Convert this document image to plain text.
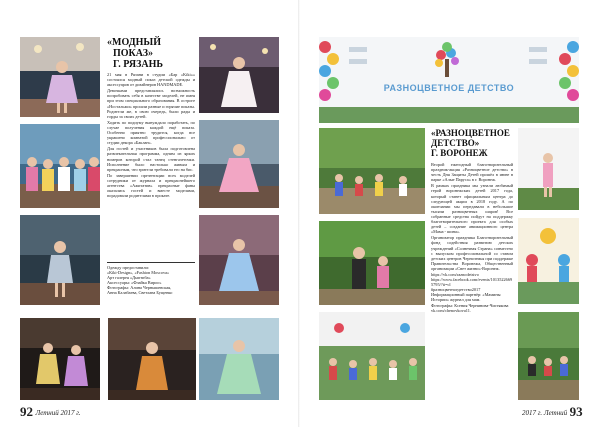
«МОДНЫЙ
ПОКАЗ»
Г. РЯЗАНЬ

21 мая в Рязани в студии «Бар «Kiki»» состоялся модный показ детской одежды и аксессуаров от дизайнеров HANDMADE.

Девочками представлялись возможность попробовать себя в качестве моделей, не имея при этом специального образования. В остроге «Ностальжи» прошли разные и горячие показы. Родители же, в свою очередь, были рады и горды за своих детей.

Ходить по подиуму вынуждало поработать, по случае получения каждой ещё показа. Особенно приятно трудится, когда все украшено комнатой профессионально от студии декора «Баклан».

Для гостей и участников была подготовлена развлекательная программа, одним из ярких номеров которой стал танец стенгазеточки. Исполнение было настолько живым и прекрасным, что зрители требовали его на бис.

По завершении презентации всех моделей сотрудники от журнала и прекраснейшего агентства «Ажитатив» прекрасные фаны оказались гостей и вместе моделями, порадовали родителями в прокате.

Одежду предоставили:
«Кiki-Design», «Fashion Moscova»
Арт галерея «Дыптиба»
Аксессуары: «Флайка Вироо»
Фотографы: Алина Чернышевская,
Анна Калабаева, Светлана Бущенко
92 Летний 2017 г.
РАЗНОЦВЕТНОЕ ДЕТСТВО
«РАЗНОЦВЕТНОЕ
ДЕТСТВО»
Г. ВОРОНЕЖ

Второй ежегодный благотворительный праздник-акция «Разноцветное детство» в честь Дня Защиты Детей прошёл в июне в парке «Алые Паруса» в г. Воронеж.

В рамках праздника мы узнали любимый герой воронежских детей 2017 года, который станет официальным центра до следующей акции в 2018 году. А по окончании мы передавали в небольшое тысячи разноцветных шаров! Все собранные средства пойдут на поддержку благотворительного проекта для особых детей – создание анимационного центра «Мама - шина».

Организатор праздника Благотворительный фонд содействия развитию детских учреждений «Солнечная Страна» совместно с выпуском профессиональной со ставом детских центров Черноземья при поддержке Правительства Воронежа, Общественный организации «Свет жизни»-Воронеж.

https://vk.com/raznodetstvo
https://www.facebook.com/events/10135226695795/?ti=cl
#разноцветноедетство2017
Информационный партнёр: «Мамины Истории» журнал для мам.
Фотографы: Ксения Чернинова-Чистякова
vk.com/chenovkova11.
2017 г. Летний 93
